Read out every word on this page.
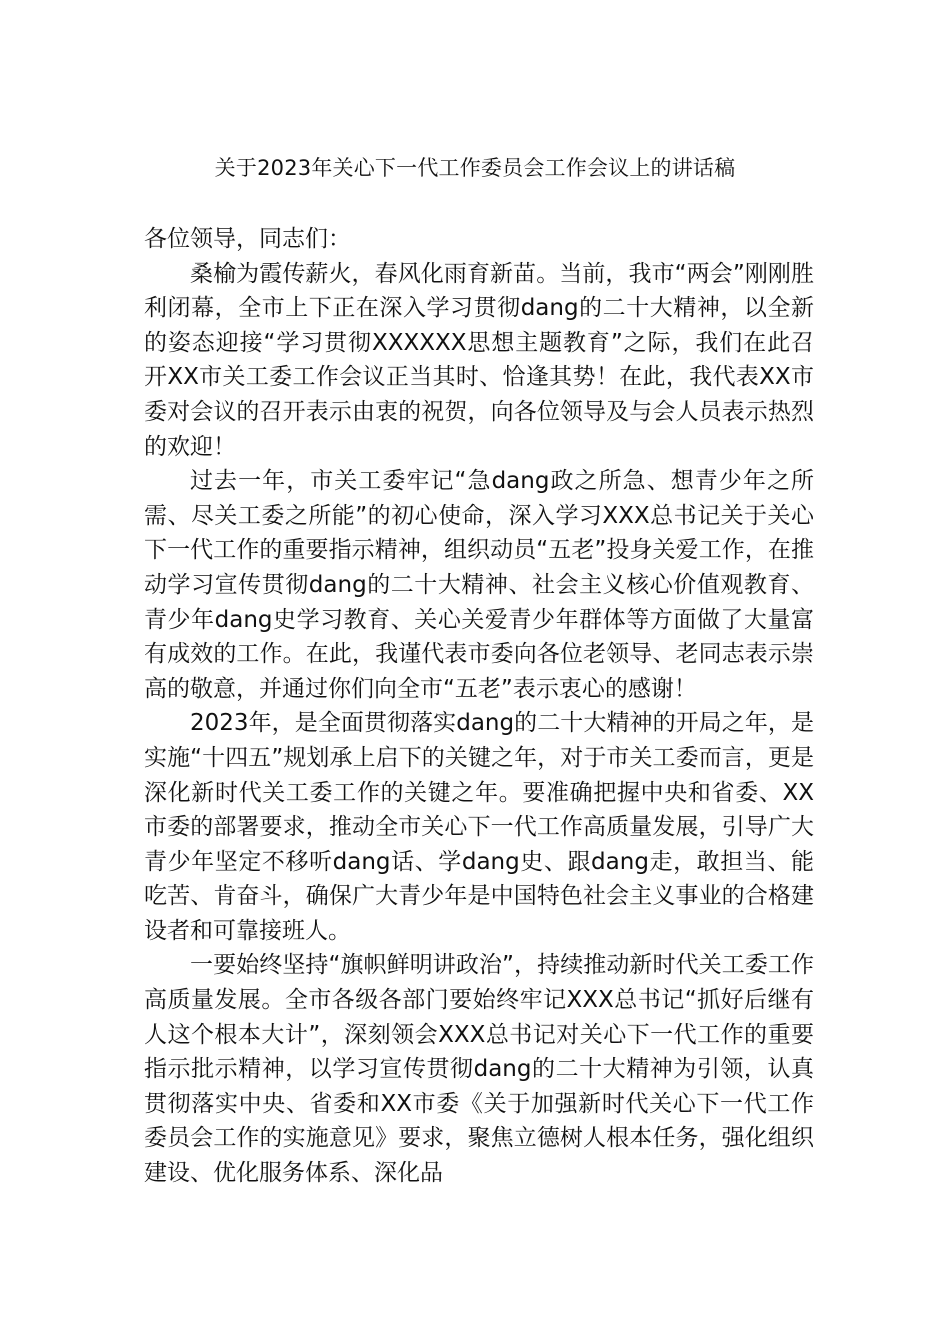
关于2023年关心下一代工作委员会工作会议上的讲话稿

各位领导，同志们：

桑榆为霞传薪火，春风化雨育新苗。当前，我市“两会”刚刚胜利闭幕，全市上下正在深入学习贯彻dang的二十大精神，以全新的姿态迎接“学习贯彻XXXXXX思想主题教育”之际，我们在此召开XX市关工委工作会议正当其时、恰逢其势！在此，我代表XX市委对会议的召开表示由衷的祝贺，向各位领导及与会人员表示热烈的欢迎！

过去一年，市关工委牢记“急dang政之所急、想青少年之所需、尽关工委之所能”的初心使命，深入学习XXX总书记关于关心下一代工作的重要指示精神，组织动员“五老”投身关爱工作，在推动学习宣传贯彻dang的二十大精神、社会主义核心价值观教育、青少年dang史学习教育、关心关爱青少年群体等方面做了大量富有成效的工作。在此，我谨代表市委向各位老领导、老同志表示崇高的敬意，并通过你们向全市“五老”表示衷心的感谢！

2023年，是全面贯彻落实dang的二十大精神的开局之年，是实施“十四五”规划承上启下的关键之年，对于市关工委而言，更是深化新时代关工委工作的关键之年。要准确把握中央和省委、XX市委的部署要求，推动全市关心下一代工作高质量发展，引导广大青少年坚定不移听dang话、学dang史、跟dang走，敢担当、能吃苦、肯奋斗，确保广大青少年是中国特色社会主义事业的合格建设者和可靠接班人。

一要始终坚持“旗帜鲜明讲政治”，持续推动新时代关工委工作高质量发展。全市各级各部门要始终牢记XXX总书记“抓好后继有人这个根本大计”，深刻领会XXX总书记对关心下一代工作的重要指示批示精神，以学习宣传贯彻dang的二十大精神为引领，认真贯彻落实中央、省委和XX市委《关于加强新时代关心下一代工作委员会工作的实施意见》要求，聚焦立德树人根本任务，强化组织建设、优化服务体系、深化品
